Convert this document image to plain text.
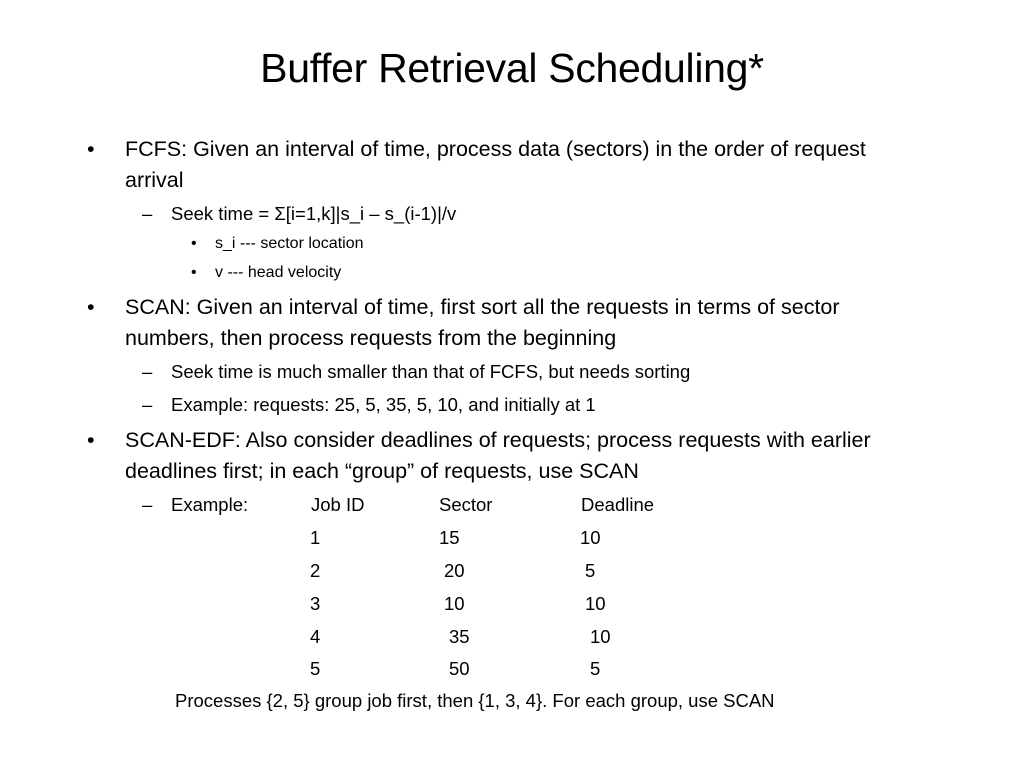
Buffer Retrieval Scheduling*
• FCFS: Given an interval of time, process data (sectors) in the order of request
arrival
– Seek time = Σ[i=1,k]|s_i – s_(i-1)|/v
• s_i --- sector location
• v --- head velocity
• SCAN: Given an interval of time, first sort all the requests in terms of sector
numbers, then process requests from the beginning
– Seek time is much smaller than that of FCFS, but needs sorting
– Example: requests: 25, 5, 35, 5, 10, and initially at 1
• SCAN-EDF: Also consider deadlines of requests; process requests with earlier
deadlines first; in each “group” of requests, use SCAN
– Example:	Job ID	Sector	Deadline
1	15	10
2	20	5
3	10	10
4	35	10
5	50	5
Processes {2, 5} group job first, then {1, 3, 4}. For each group, use SCAN
